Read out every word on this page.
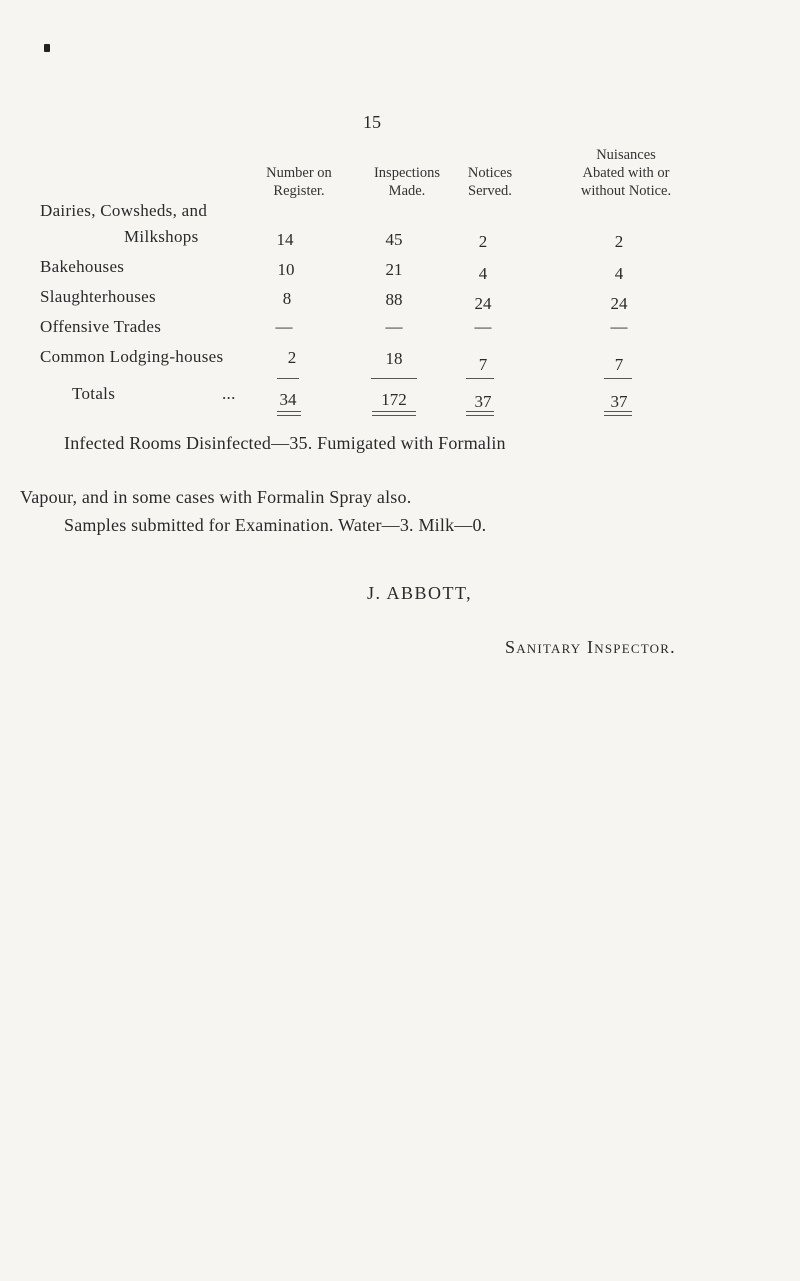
15
Number on
Register.
Inspections
Made.
Notices
Served.
Nuisances
Abated with or
without Notice.
Dairies, Cowsheds, and
Milkshops	14	45	2	2
Bakehouses	10	21	4	4
Slaughterhouses	8	88	24	24
Offensive Trades	—	—	—	—
Common Lodging-houses	2	18	7	7
Totals	...	34	172	37	37
Infected Rooms Disinfected—35. Fumigated with Formalin
Vapour, and in some cases with Formalin Spray also.
Samples submitted for Examination. Water—3. Milk—0.
J. ABBOTT,
Sanitary Inspector.
